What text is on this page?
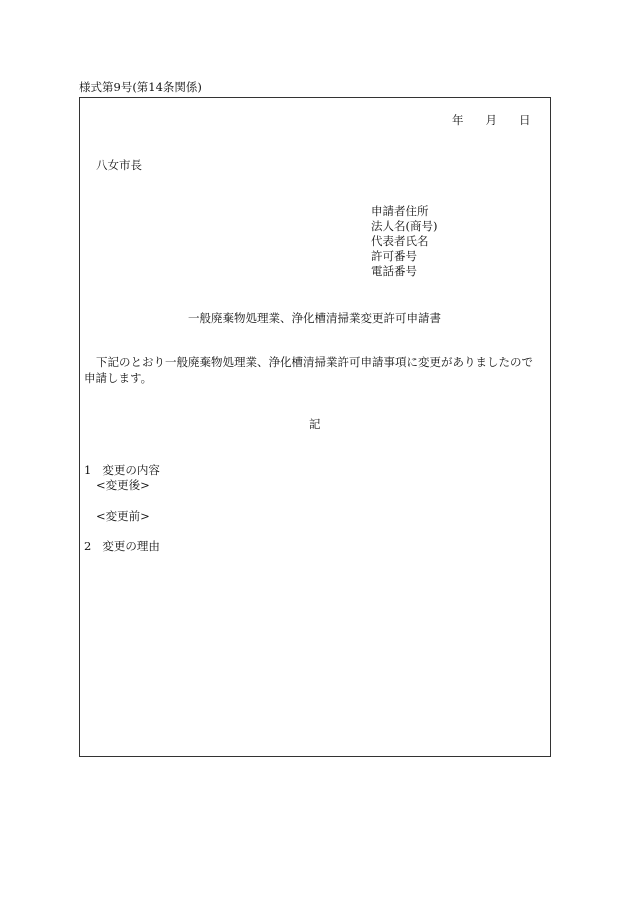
様式第9号(第14条関係)
年 月 日
八女市長
申請者住所
法人名(商号)
代表者氏名
許可番号
電話番号
一般廃棄物処理業、浄化槽清掃業変更許可申請書
下記のとおり一般廃棄物処理業、浄化槽清掃業許可申請事項に変更がありましたので
申請します。
記
1 変更の内容
<変更後>
<変更前>
2 変更の理由
